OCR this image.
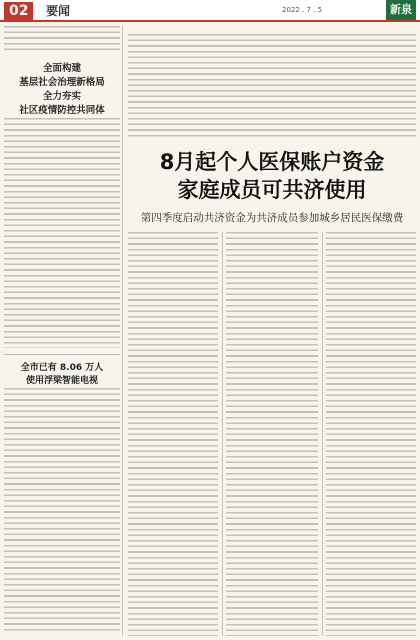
02	要闻	2022 . 7 . 5	新泉
全面构建
基层社会治理新格局
全力夯实
社区疫情防控共同体
全市已有 8.06 万人
使用浮梁智能电视
8月起个人医保账户资金
家庭成员可共济使用
第四季度启动共济资金为共济成员参加城乡居民医保缴费
